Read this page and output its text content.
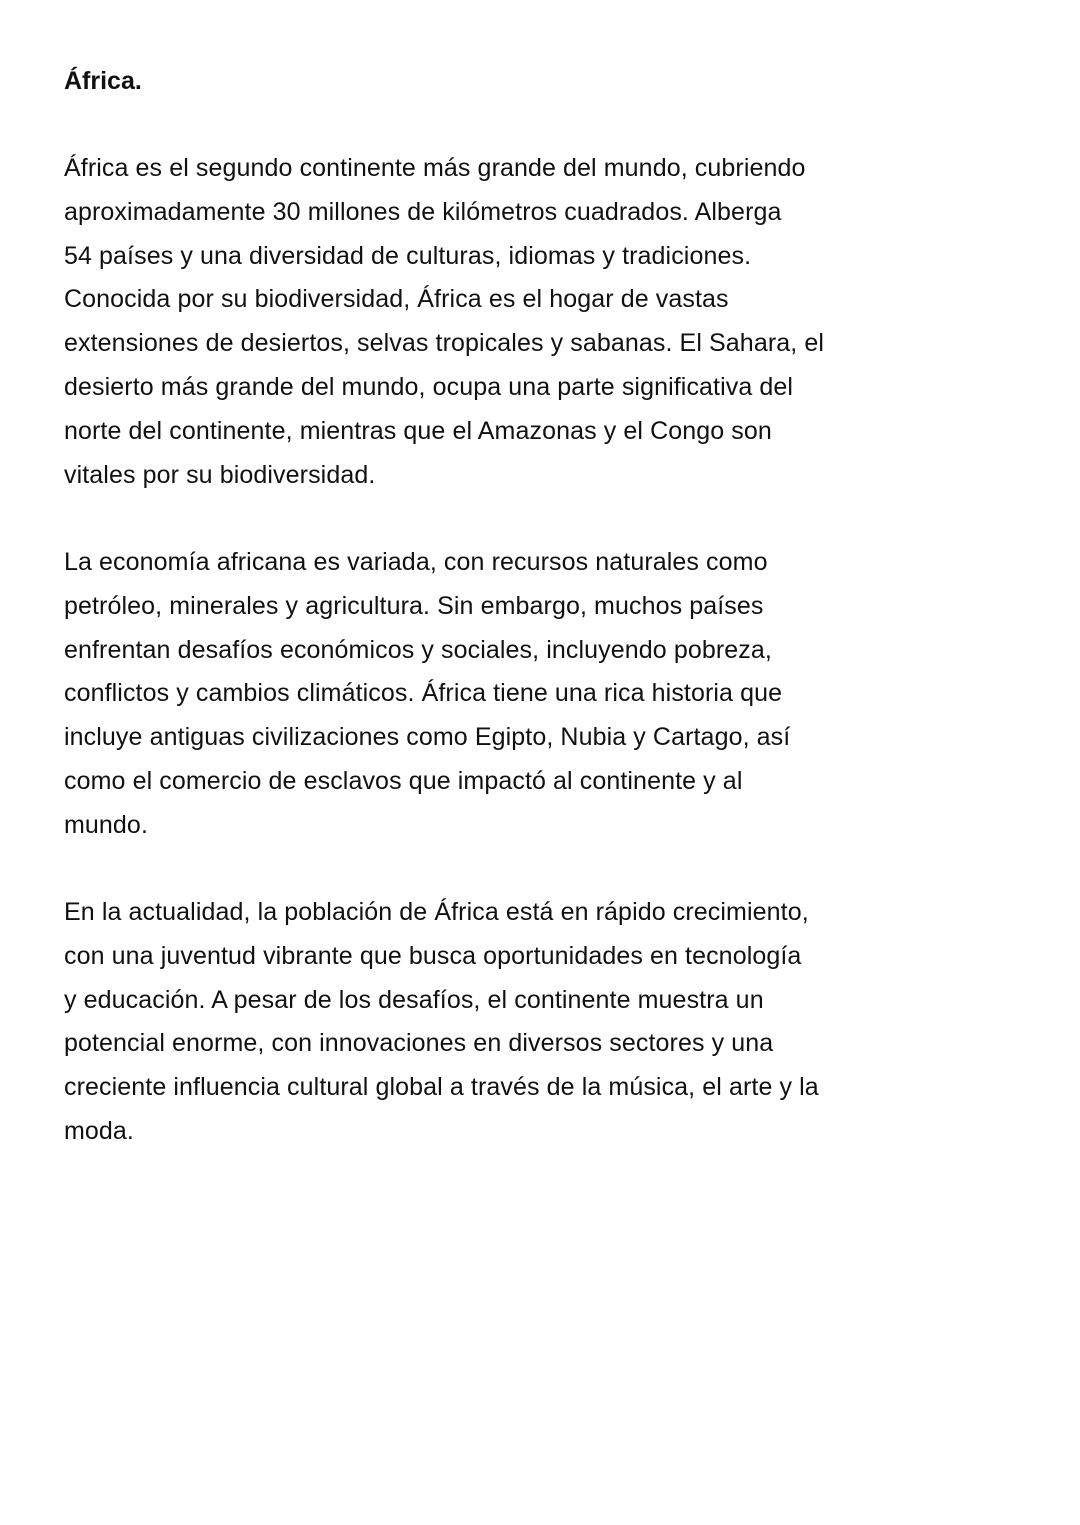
África.

África es el segundo continente más grande del mundo, cubriendo
aproximadamente 30 millones de kilómetros cuadrados. Alberga
54 países y una diversidad de culturas, idiomas y tradiciones.
Conocida por su biodiversidad, África es el hogar de vastas
extensiones de desiertos, selvas tropicales y sabanas. El Sahara, el
desierto más grande del mundo, ocupa una parte significativa del
norte del continente, mientras que el Amazonas y el Congo son
vitales por su biodiversidad.

La economía africana es variada, con recursos naturales como
petróleo, minerales y agricultura. Sin embargo, muchos países
enfrentan desafíos económicos y sociales, incluyendo pobreza,
conflictos y cambios climáticos. África tiene una rica historia que
incluye antiguas civilizaciones como Egipto, Nubia y Cartago, así
como el comercio de esclavos que impactó al continente y al
mundo.

En la actualidad, la población de África está en rápido crecimiento,
con una juventud vibrante que busca oportunidades en tecnología
y educación. A pesar de los desafíos, el continente muestra un
potencial enorme, con innovaciones en diversos sectores y una
creciente influencia cultural global a través de la música, el arte y la
moda.
